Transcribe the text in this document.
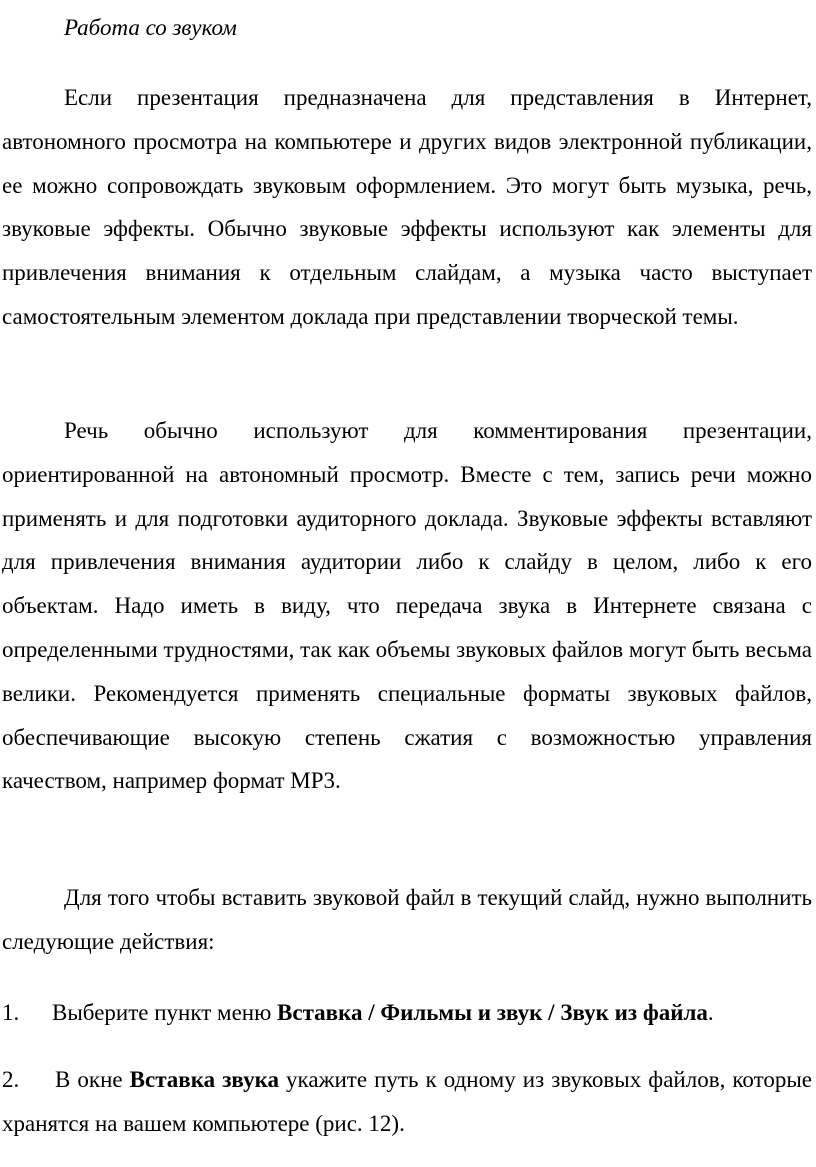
Работа со звуком

Если презентация предназначена для представления в Интернет, автономного просмотра на компьютере и других видов электронной публикации, ее можно сопровождать звуковым оформлением. Это могут быть музыка, речь, звуковые эффекты. Обычно звуковые эффекты используют как элементы для привлечения внимания к отдельным слайдам, а музыка часто выступает самостоятельным элементом доклада при представлении творческой темы.

Речь обычно используют для комментирования презентации, ориентированной на автономный просмотр. Вместе с тем, запись речи можно применять и для подготовки аудиторного доклада. Звуковые эффекты вставляют для привлечения внимания аудитории либо к слайду в целом, либо к его объектам. Надо иметь в виду, что передача звука в Интернете связана с определенными трудностями, так как объемы звуковых файлов могут быть весьма велики. Рекомендуется применять специальные форматы звуковых файлов, обеспечивающие высокую степень сжатия с возможностью управления качеством, например формат MP3.

Для того чтобы вставить звуковой файл в текущий слайд, нужно выполнить следующие действия:

1. Выберите пункт меню Вставка / Фильмы и звук / Звук из файла.

2. В окне Вставка звука укажите путь к одному из звуковых файлов, которые хранятся на вашем компьютере (рис. 12).
